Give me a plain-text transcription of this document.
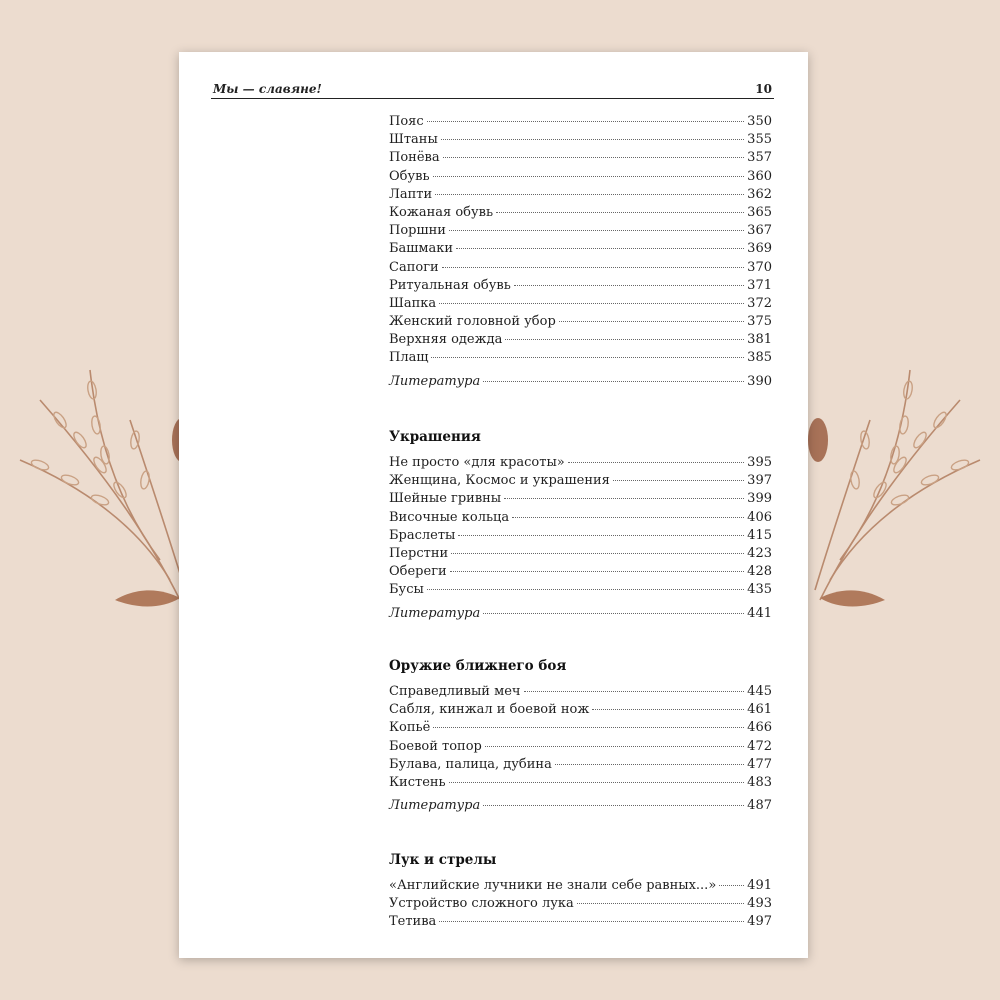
Мы — славяне!	10
Пояс	350
Штаны	355
Понёва	357
Обувь	360
Лапти	362
Кожаная обувь	365
Поршни	367
Башмаки	369
Сапоги	370
Ритуальная обувь	371
Шапка	372
Женский головной убор	375
Верхняя одежда	381
Плащ	385
Литература	390
Украшения
Не просто «для красоты»	395
Женщина, Космос и украшения	397
Шейные гривны	399
Височные кольца	406
Браслеты	415
Перстни	423
Обереги	428
Бусы	435
Литература	441
Оружие ближнего боя
Справедливый меч	445
Сабля, кинжал и боевой нож	461
Копьё	466
Боевой топор	472
Булава, палица, дубина	477
Кистень	483
Литература	487
Лук и стрелы
«Английские лучники не знали себе равных...» 491
Устройство сложного лука	493
Тетива	497
